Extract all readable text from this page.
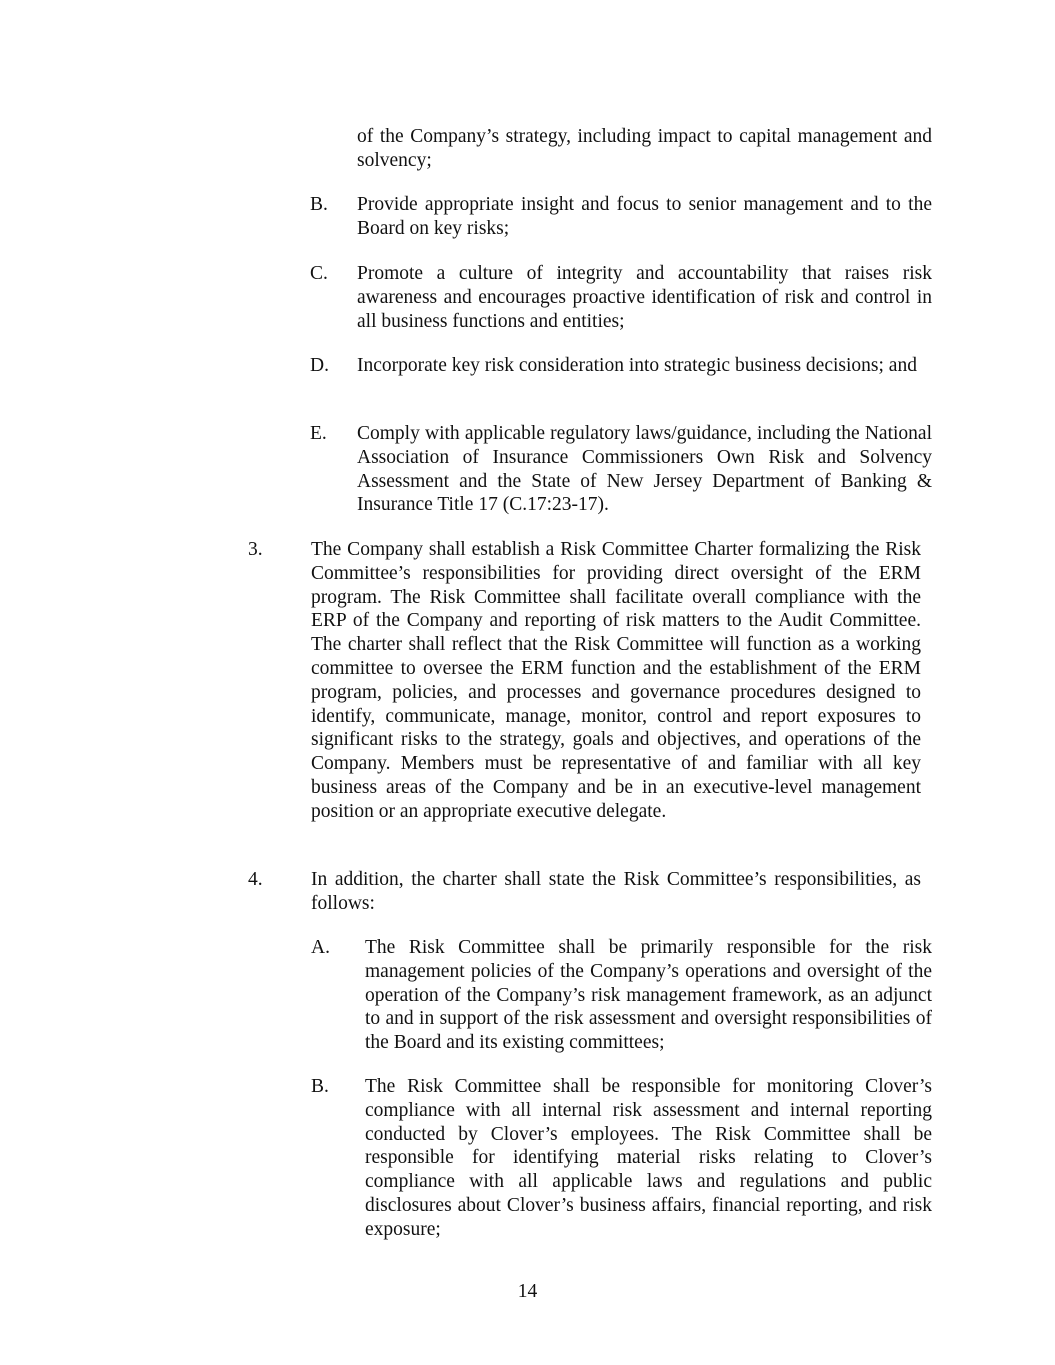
of the Company’s strategy, including impact to capital management and solvency;

B. Provide appropriate insight and focus to senior management and to the Board on key risks;

C. Promote a culture of integrity and accountability that raises risk awareness and encourages proactive identification of risk and control in all business functions and entities;

D. Incorporate key risk consideration into strategic business decisions; and

E. Comply with applicable regulatory laws/guidance, including the National Association of Insurance Commissioners Own Risk and Solvency Assessment and the State of New Jersey Department of Banking & Insurance Title 17 (C.17:23-17).

3. The Company shall establish a Risk Committee Charter formalizing the Risk Committee’s responsibilities for providing direct oversight of the ERM program. The Risk Committee shall facilitate overall compliance with the ERP of the Company and reporting of risk matters to the Audit Committee. The charter shall reflect that the Risk Committee will function as a working committee to oversee the ERM function and the establishment of the ERM program, policies, and processes and governance procedures designed to identify, communicate, manage, monitor, control and report exposures to significant risks to the strategy, goals and objectives, and operations of the Company. Members must be representative of and familiar with all key business areas of the Company and be in an executive-level management position or an appropriate executive delegate.

4. In addition, the charter shall state the Risk Committee’s responsibilities, as follows:

A. The Risk Committee shall be primarily responsible for the risk management policies of the Company’s operations and oversight of the operation of the Company’s risk management framework, as an adjunct to and in support of the risk assessment and oversight responsibilities of the Board and its existing committees;

B. The Risk Committee shall be responsible for monitoring Clover’s compliance with all internal risk assessment and internal reporting conducted by Clover’s employees. The Risk Committee shall be responsible for identifying material risks relating to Clover’s compliance with all applicable laws and regulations and public disclosures about Clover’s business affairs, financial reporting, and risk exposure;

14
